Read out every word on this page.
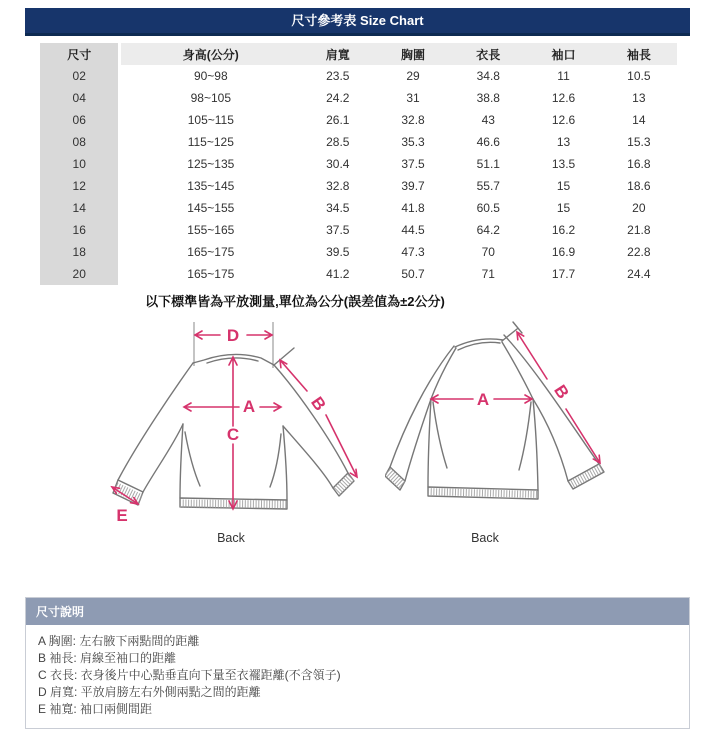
尺寸參考表 Size Chart
尺寸	身高(公分)	肩寬	胸圍	衣長	袖口	袖長
02	90~98	23.5	29	34.8	11	10.5
04	98~105	24.2	31	38.8	12.6	13
06	105~115	26.1	32.8	43	12.6	14
08	115~125	28.5	35.3	46.6	13	15.3
10	125~135	30.4	37.5	51.1	13.5	16.8
12	135~145	32.8	39.7	55.7	15	18.6
14	145~155	34.5	41.8	60.5	15	20
16	155~165	37.5	44.5	64.2	16.2	21.8
18	165~175	39.5	47.3	70	16.9	22.8
20	165~175	41.2	50.7	71	17.7	24.4
以下標準皆為平放測量,單位為公分(誤差值為±2公分)
D
A
C
B
E
Back
A	B
Back
尺寸說明
A 胸圍: 左右腋下兩點間的距離
B 袖長: 肩線至袖口的距離
C 衣長: 衣身後片中心點垂直向下量至衣襬距離(不含領子)
D 肩寬: 平放肩膀左右外側兩點之間的距離
E 袖寬: 袖口兩側間距
